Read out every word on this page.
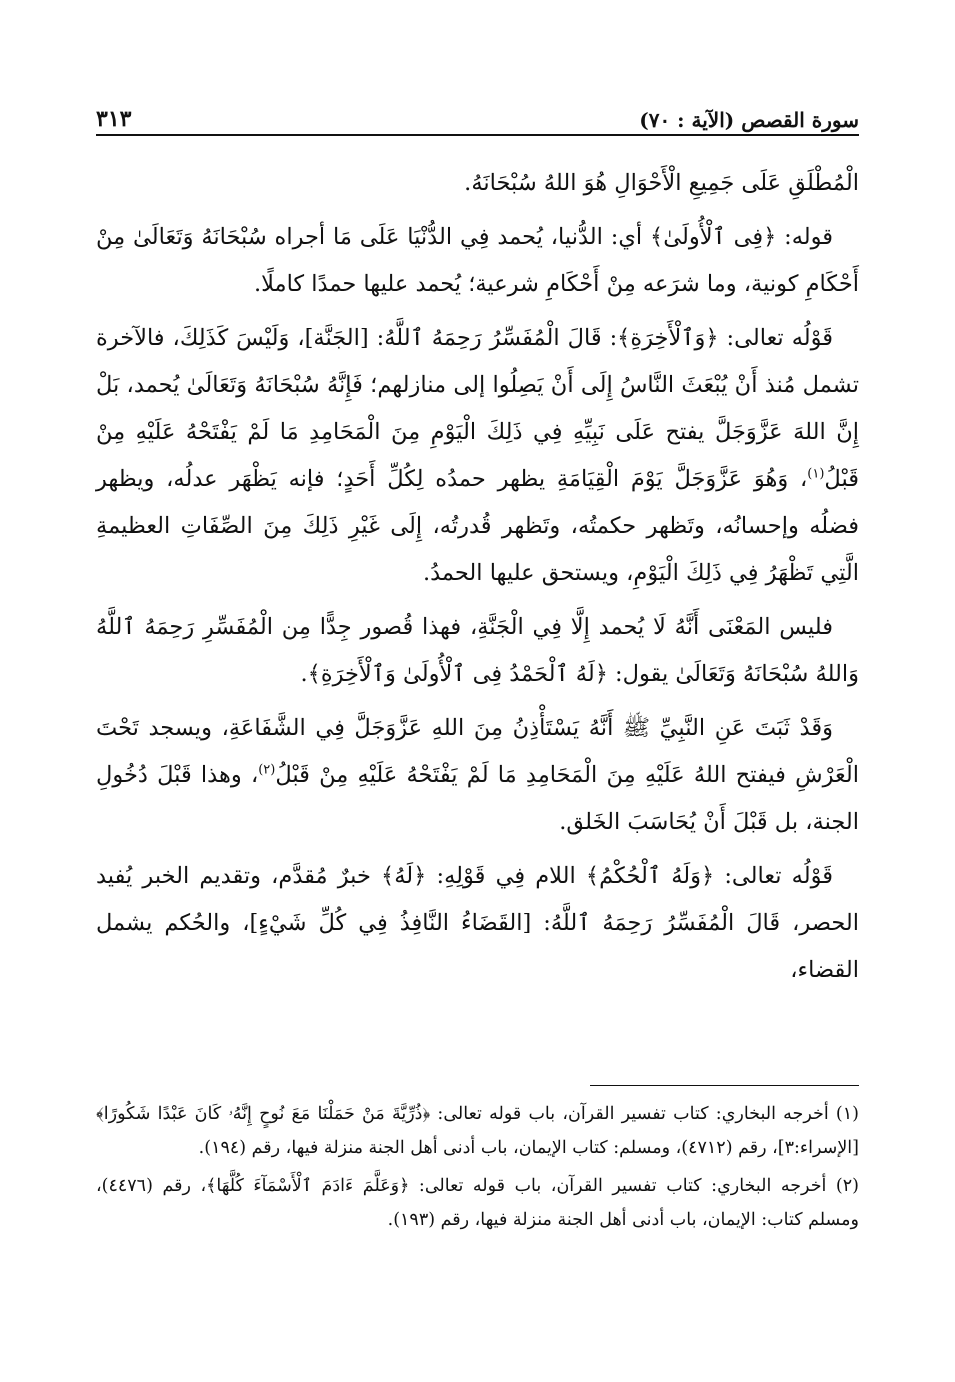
سورة القصص (الآية : ٧٠)
٣١٣

الْمُطْلَقِ عَلَى جَمِيعِ الْأَحْوَالِ هُوَ اللهُ سُبْحَانَهُ.

قوله: ﴿فِى ٱلْأُولَىٰ﴾ أي: الدُّنيا، يُحمد فِي الدُّنْيَا عَلَى مَا أجراه سُبْحَانَهُ وَتَعَالَىٰ مِنْ أَحْكَامِ كونية، وما شرَعه مِنْ أَحْكَامِ شرعية؛ يُحمد عليها حمدًا كاملًا.

قَوْلُه تعالى: ﴿وَٱلْأَخِرَةِ﴾: قَالَ الْمُفَسِّرُ رَحِمَهُ ٱللَّهُ: [الجَنَّة]، وَلَيْسَ كَذَلِكَ، فالآخرة تشمل مُنذ أَنْ يُبْعَثَ النَّاسُ إِلَى أَنْ يَصِلُوا إلى منازلهم؛ فَإِنَّهُ سُبْحَانَهُ وَتَعَالَىٰ يُحمد، بَلْ إِنَّ اللهَ عَزَّوَجَلَّ يفتح عَلَى نَبِيِّهِ فِي ذَلِكَ الْيَوْمِ مِنَ الْمَحَامِدِ مَا لَمْ يَفْتَحْهُ عَلَيْهِ مِنْ قَبْلُ$^{(١)}$، وَهُوَ عَزَّوَجَلَّ يَوْمَ الْقِيَامَةِ يظهر حمدُه لِكُلِّ أَحَدٍ؛ فإنه يَظْهَر عدلُه، ويظهر فضلُه وإحسانُه، وتَظهر حكمتُه، وتَظهر قُدرتُه، إِلَى غَيْرِ ذَلِكَ مِنَ الصِّفَاتِ العظيمةِ الَّتِي تَظْهَرُ فِي ذَلِكَ الْيَوْمِ، ويستحق عليها الحمدُ.

فليس المَعْنَى أَنَّهُ لَا يُحمد إِلَّا فِي الْجَنَّةِ، فهذا قُصور جِدًّا مِن الْمُفَسِّرِ رَحِمَهُ ٱللَّهُ وَاللهُ سُبْحَانَهُ وَتَعَالَىٰ يقول: ﴿لَهُ ٱلْحَمْدُ فِى ٱلْأُولَىٰ وَٱلْأَخِرَةِ﴾.

وَقَدْ ثَبَتَ عَنِ النَّبِيِّ ﷺ أَنَّهُ يَسْتَأْذِنُ مِنَ اللهِ عَزَّوَجَلَّ فِي الشَّفَاعَةِ، ويسجد تَحْتَ الْعَرْشِ فيفتح اللهُ عَلَيْهِ مِنَ الْمَحَامِدِ مَا لَمْ يَفْتَحْهُ عَلَيْهِ مِنْ قَبْلُ$^{(٢)}$، وهذا قَبْلَ دُخُولِ الجنة، بل قَبْلَ أَنْ يُحَاسَبَ الخَلق.

قَوْلُه تعالى: ﴿وَلَهُ ٱلْحُكْمُ﴾ اللام فِي قَوْلِهِ: ﴿لَهُ﴾ خبرٌ مُقدَّم، وتقديم الخبر يُفيد الحصر، قَالَ الْمُفَسِّرُ رَحِمَهُ ٱللَّهُ: [القَضَاءُ النَّافِذُ فِي كُلِّ شَيْءٍ]، والحُكم يشمل القضاء،

(١) أخرجه البخاري: كتاب تفسير القرآن، باب قوله تعالى: ﴿ذُرِّيَّةَ مَنْ حَمَلْنَا مَعَ نُوحٍ إِنَّهُۥ كَانَ عَبْدًا شَكُورًا﴾ [الإسراء:٣]، رقم (٤٧١٢)، ومسلم: كتاب الإيمان، باب أدنى أهل الجنة منزلة فيها، رقم (١٩٤).

(٢) أخرجه البخاري: كتاب تفسير القرآن، باب قوله تعالى: ﴿وَعَلَّمَ ءَادَمَ ٱلْأَسْمَآءَ كُلَّهَا﴾، رقم (٤٤٧٦)، ومسلم كتاب: الإيمان، باب أدنى أهل الجنة منزلة فيها، رقم (١٩٣).
